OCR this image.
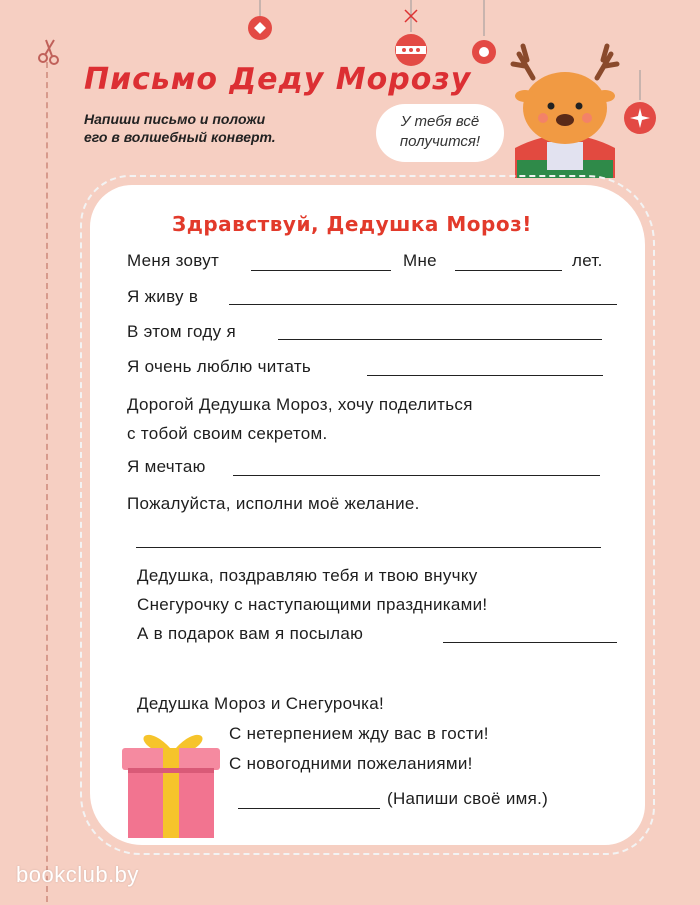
Письмо Деду Морозу
Напиши письмо и положи
его в волшебный конверт.
У тебя всё
получится!
Здравствуй, Дедушка Мороз!
Меня зовут	Мне	лет.
Я живу в
В этом году я
Я очень люблю читать
Дорогой Дедушка Мороз, хочу поделиться
с тобой своим секретом.
Я мечтаю
Пожалуйста, исполни моё желание.
Дедушка, поздравляю тебя и твою внучку
Снегурочку с наступающими праздниками!
А в подарок вам я посылаю
Дедушка Мороз и Снегурочка!
С нетерпением жду вас в гости!
С новогодними пожеланиями!
(Напиши своё имя.)
bookclub.by
